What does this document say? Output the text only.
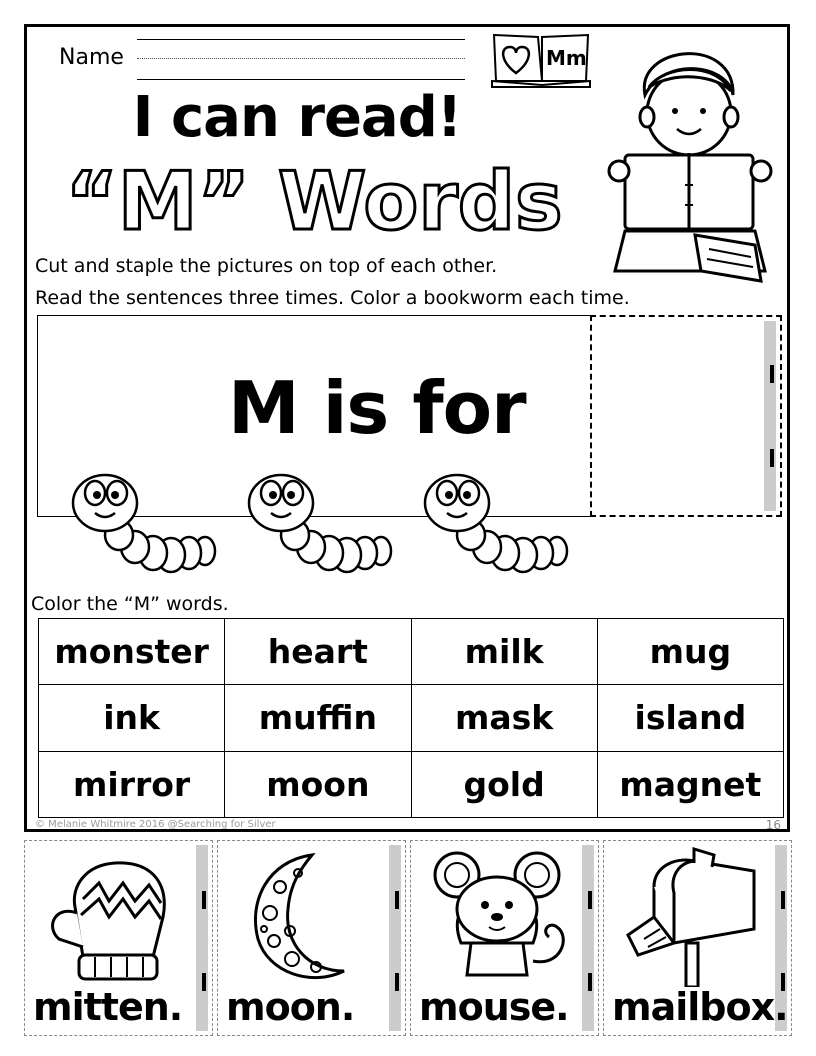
Name	Mm
I can read!
“M” Words
Cut and staple the pictures on top of each other.
Read the sentences three times. Color a bookworm each time.
M is for
Color the “M” words.
monster	heart	milk	mug
ink	muffin	mask	island
mirror	moon	gold	magnet
© Melanie Whitmire 2016 @Searching for Silver	16
mitten. moon. mouse. mailbox.
